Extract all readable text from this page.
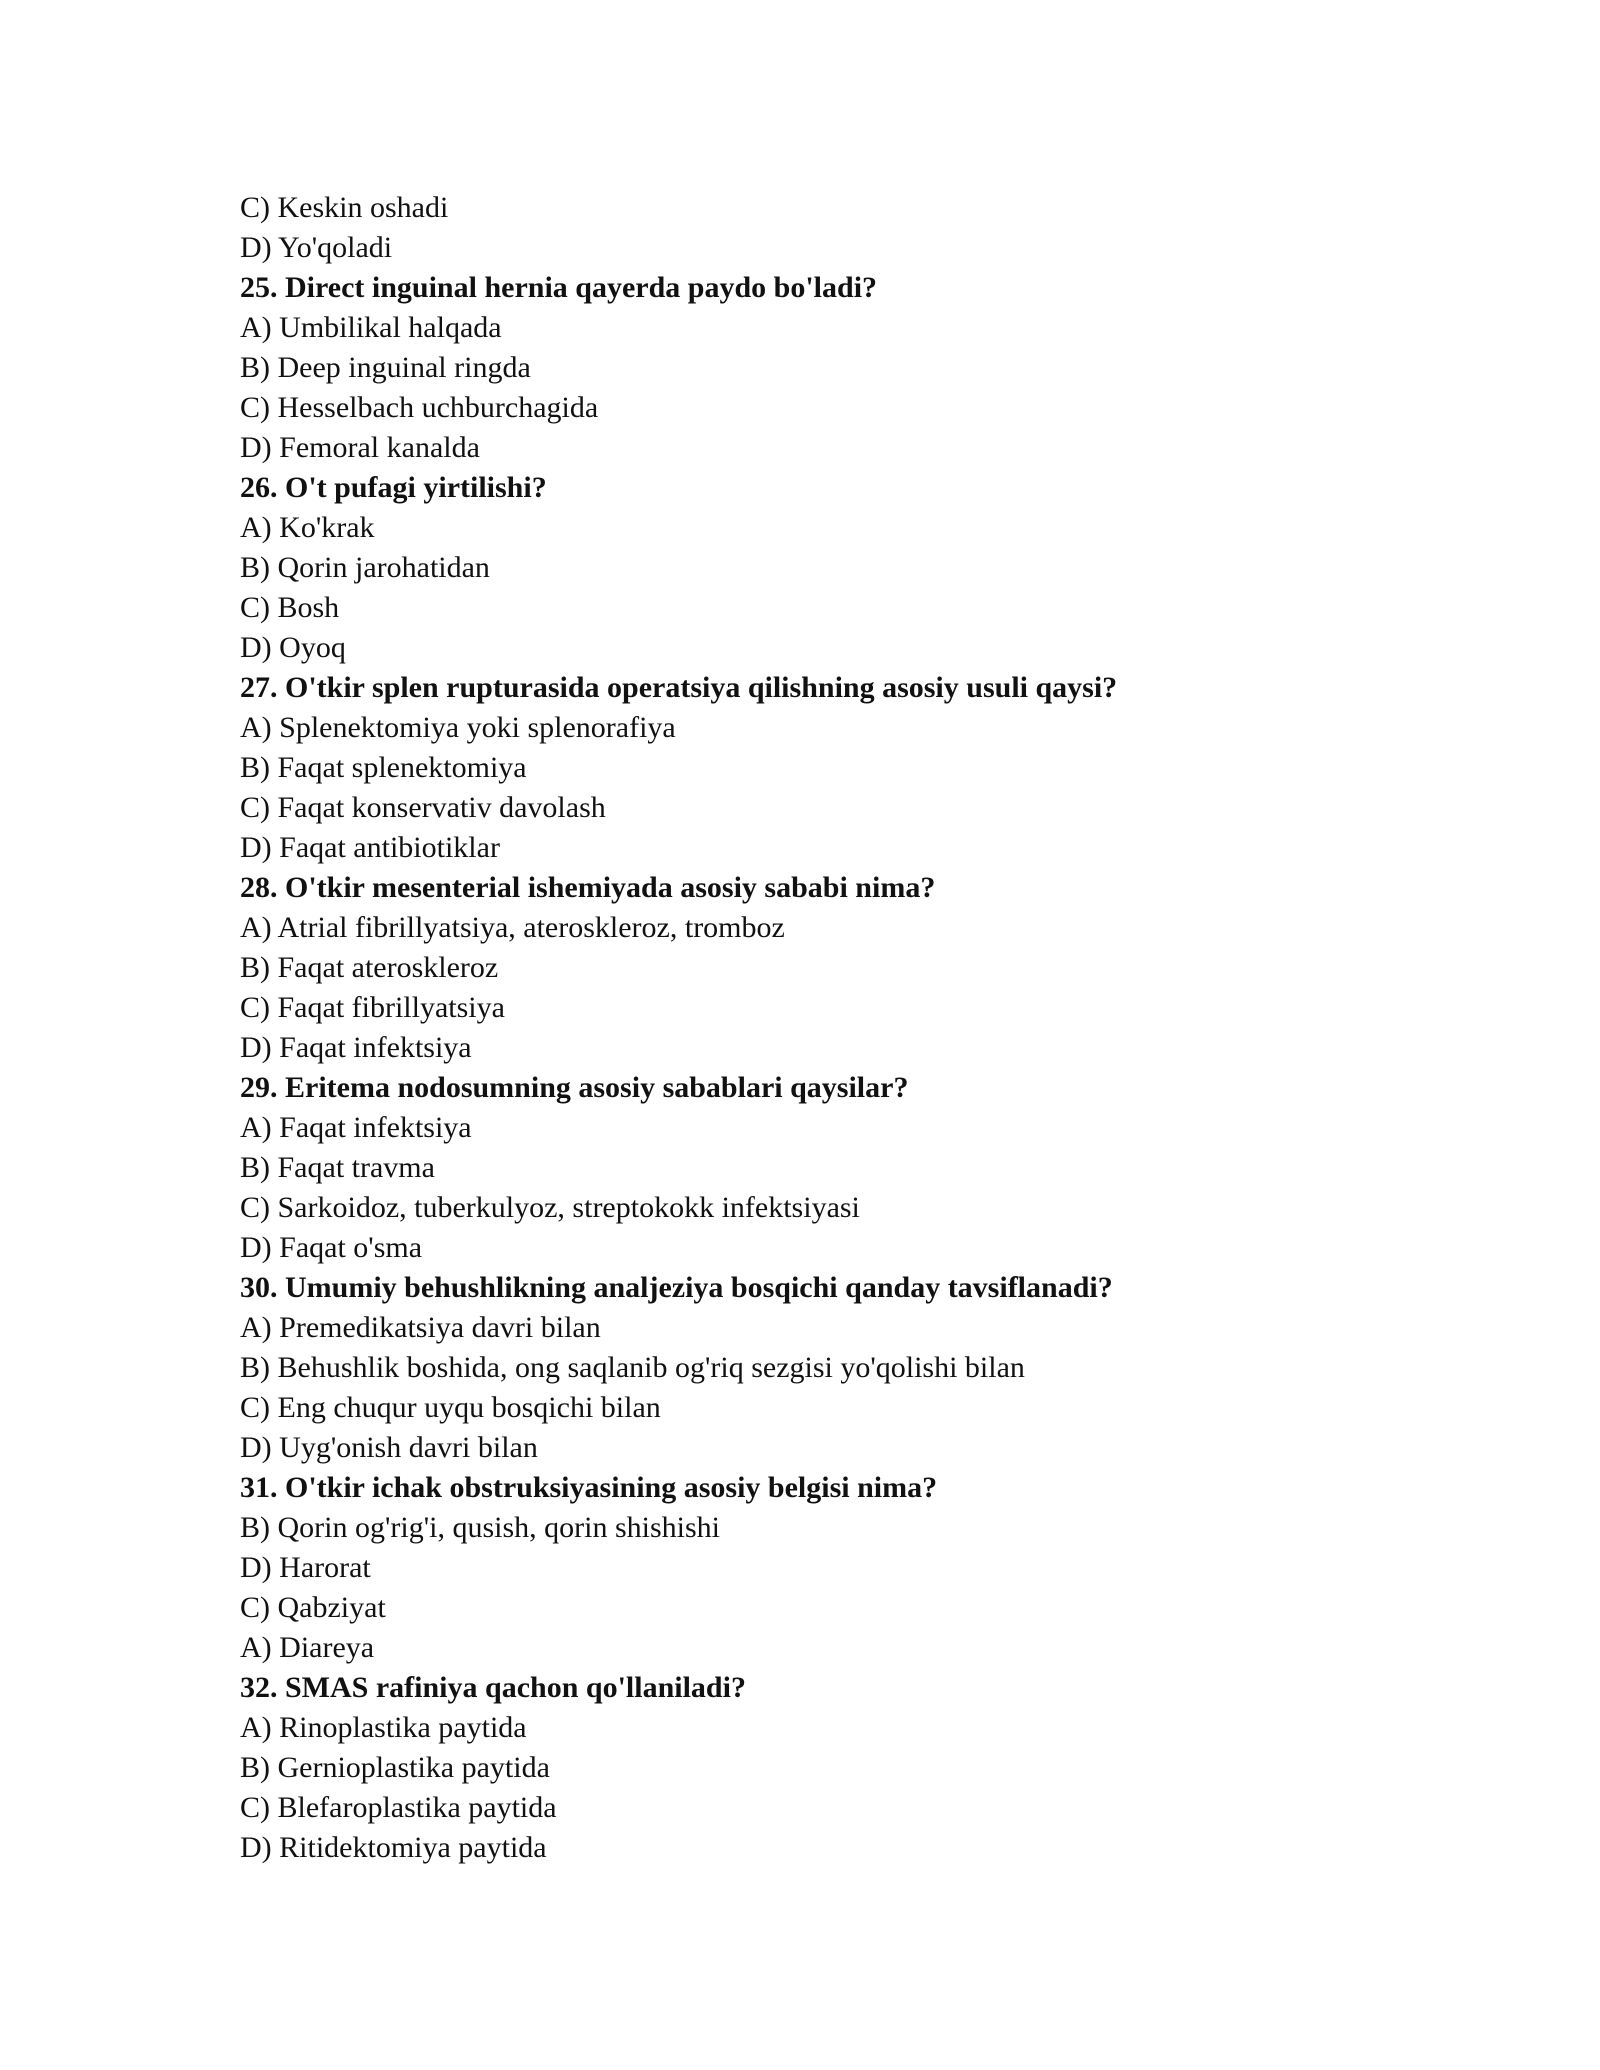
C) Keskin oshadi
D) Yo'qoladi
25. Direct inguinal hernia qayerda paydo bo'ladi?
A) Umbilikal halqada
B) Deep inguinal ringda
C) Hesselbach uchburchagida
D) Femoral kanalda
26. O't pufagi yirtilishi?
A) Ko'krak
B) Qorin jarohatidan
C) Bosh
D) Oyoq
27. O'tkir splen rupturasida operatsiya qilishning asosiy usuli qaysi?
A) Splenektomiya yoki splenorafiya
B) Faqat splenektomiya
C) Faqat konservativ davolash
D) Faqat antibiotiklar
28. O'tkir mesenterial ishemiyada asosiy sababi nima?
A) Atrial fibrillyatsiya, ateroskleroz, tromboz
B) Faqat ateroskleroz
C) Faqat fibrillyatsiya
D) Faqat infektsiya
29. Eritema nodosumning asosiy sabablari qaysilar?
A) Faqat infektsiya
B) Faqat travma
C) Sarkoidoz, tuberkulyoz, streptokokk infektsiyasi
D) Faqat o'sma
30. Umumiy behushlikning analjeziya bosqichi qanday tavsiflanadi?
A) Premedikatsiya davri bilan
B) Behushlik boshida, ong saqlanib og'riq sezgisi yo'qolishi bilan
C) Eng chuqur uyqu bosqichi bilan
D) Uyg'onish davri bilan
31. O'tkir ichak obstruksiyasining asosiy belgisi nima?
B) Qorin og'rig'i, qusish, qorin shishishi
D) Harorat
C) Qabziyat
A) Diareya
32. SMAS rafiniya qachon qo'llaniladi?
A) Rinoplastika paytida
B) Gernioplastika paytida
C) Blefaroplastika paytida
D) Ritidektomiya paytida
